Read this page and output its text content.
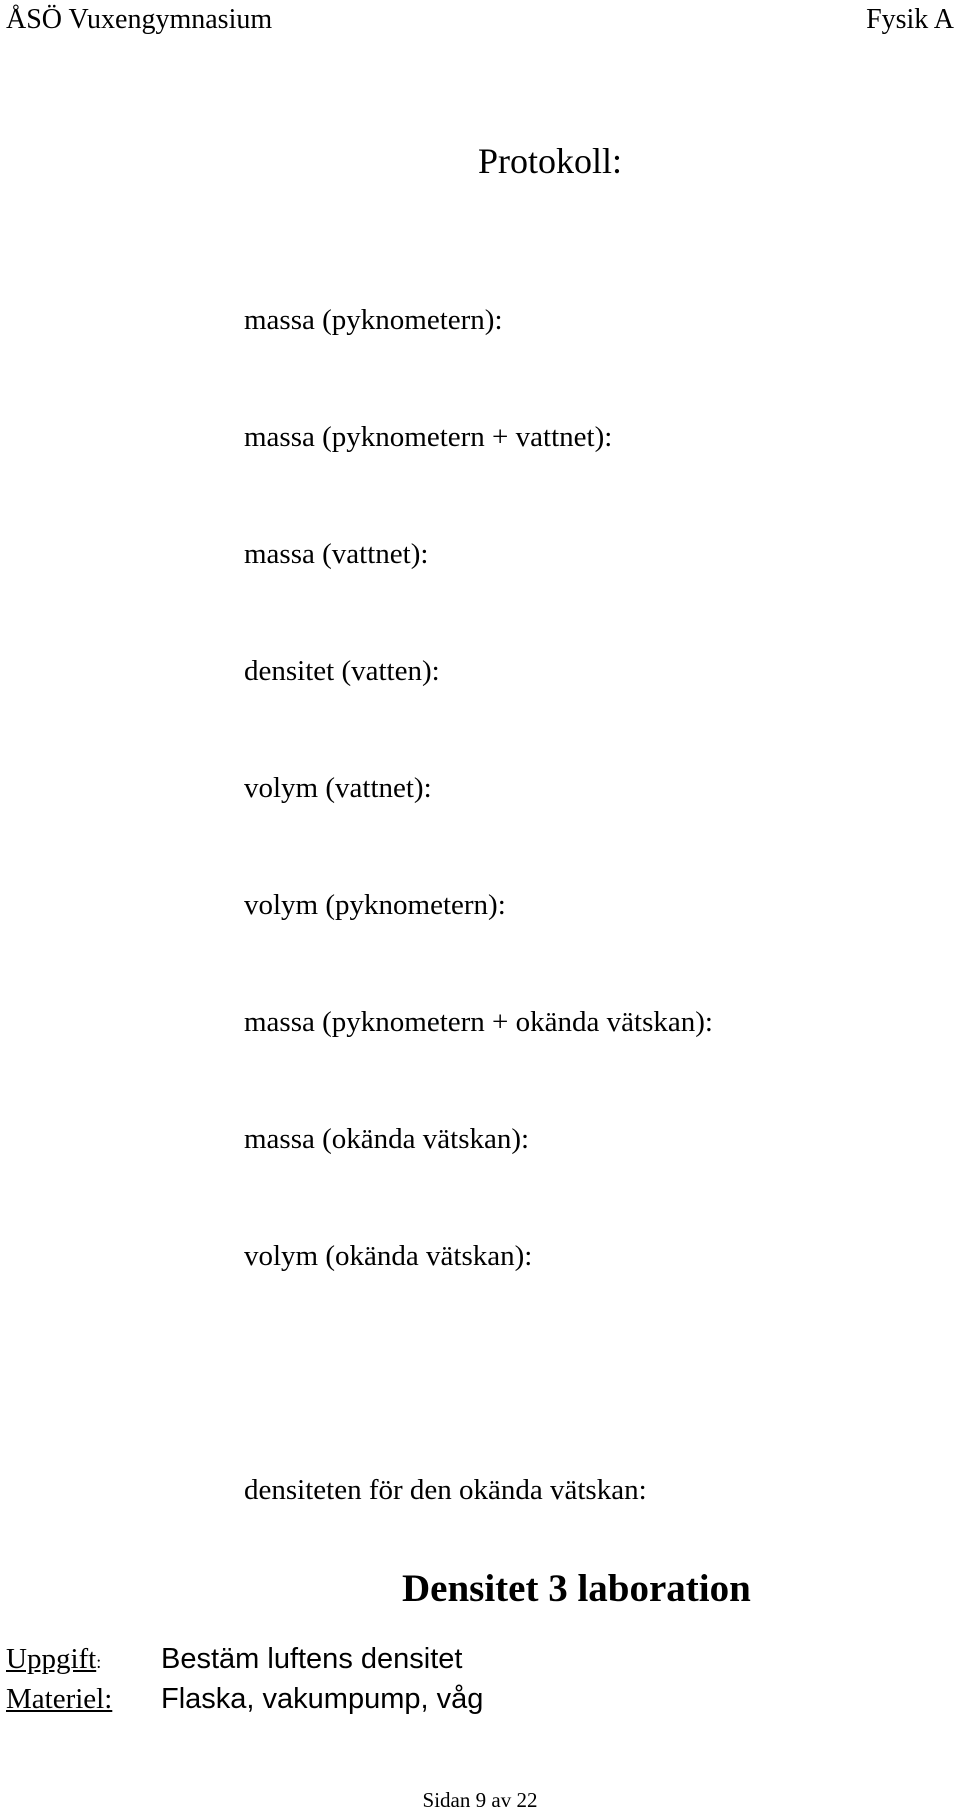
ÅSÖ Vuxengymnasium	Fysik A
Protokoll:
massa (pyknometern):
massa (pyknometern + vattnet):
massa (vattnet):
densitet (vatten):
volym (vattnet):
volym (pyknometern):
massa (pyknometern + okända vätskan):
massa (okända vätskan):
volym (okända vätskan):
densiteten för den okända vätskan:
Densitet 3 laboration
Uppgift: Bestäm luftens densitet
Materiel: Flaska, vakumpump, våg
Sidan 9 av 22
